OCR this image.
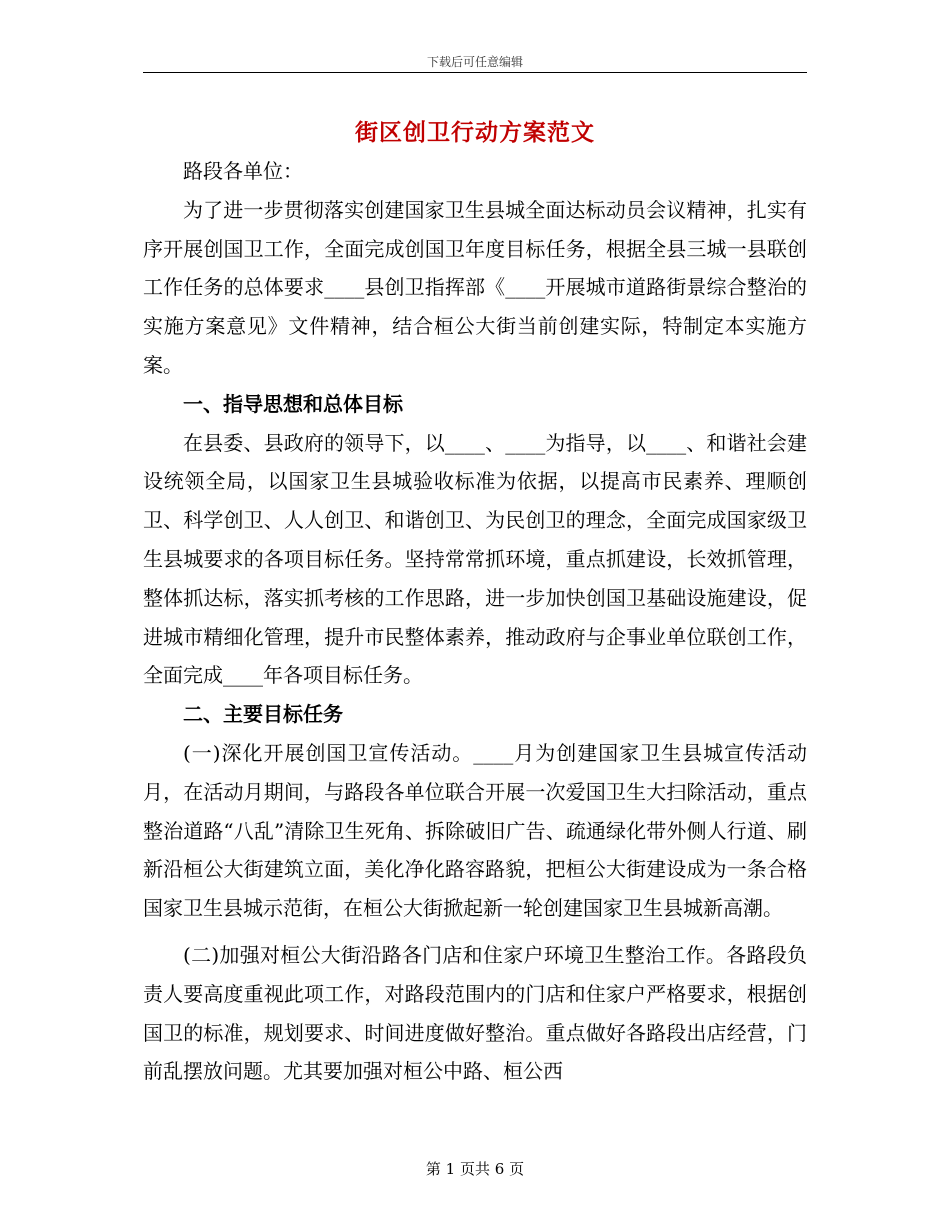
下载后可任意编辑
街区创卫行动方案范文

路段各单位：

为了进一步贯彻落实创建国家卫生县城全面达标动员会议精神，扎实有序开展创国卫工作，全面完成创国卫年度目标任务，根据全县三城一县联创工作任务的总体要求____县创卫指挥部《____开展城市道路街景综合整治的实施方案意见》文件精神，结合桓公大街当前创建实际，特制定本实施方案。

一、指导思想和总体目标

在县委、县政府的领导下，以____、____为指导，以____、和谐社会建设统领全局，以国家卫生县城验收标准为依据，以提高市民素养、理顺创卫、科学创卫、人人创卫、和谐创卫、为民创卫的理念，全面完成国家级卫生县城要求的各项目标任务。坚持常常抓环境，重点抓建设，长效抓管理，整体抓达标，落实抓考核的工作思路，进一步加快创国卫基础设施建设，促进城市精细化管理，提升市民整体素养，推动政府与企事业单位联创工作，全面完成____年各项目标任务。

二、主要目标任务

(一)深化开展创国卫宣传活动。____月为创建国家卫生县城宣传活动月，在活动月期间，与路段各单位联合开展一次爱国卫生大扫除活动，重点整治道路“八乱”清除卫生死角、拆除破旧广告、疏通绿化带外侧人行道、刷新沿桓公大街建筑立面，美化净化路容路貌，把桓公大街建设成为一条合格国家卫生县城示范街，在桓公大街掀起新一轮创建国家卫生县城新高潮。

(二)加强对桓公大街沿路各门店和住家户环境卫生整治工作。各路段负责人要高度重视此项工作，对路段范围内的门店和住家户严格要求，根据创国卫的标准，规划要求、时间进度做好整治。重点做好各路段出店经营，门前乱摆放问题。尤其要加强对桓公中路、桓公西

第 1 页共 6 页
